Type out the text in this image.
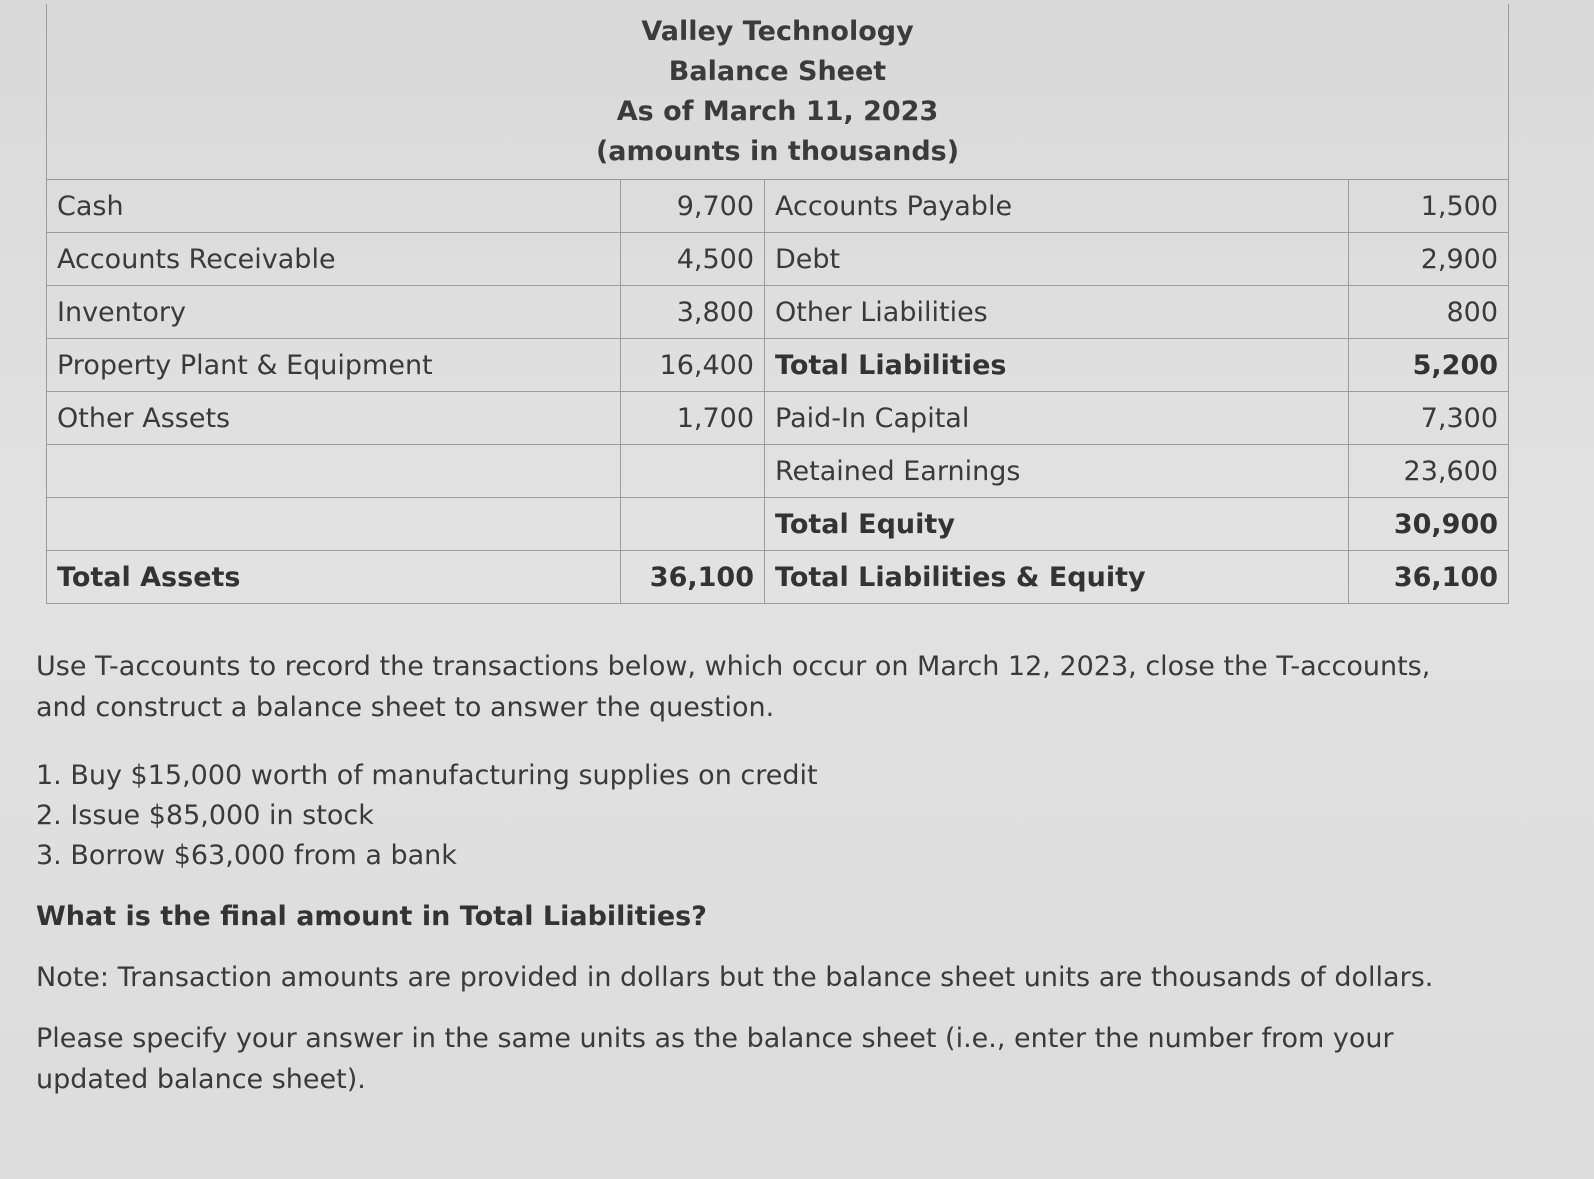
Valley Technology
Balance Sheet
As of March 11, 2023
(amounts in thousands)			

Cash	9,700	Accounts Payable	1,500
Accounts Receivable	4,500	Debt	2,900
Inventory	3,800	Other Liabilities	800
Property Plant & Equipment	16,400	Total Liabilities	5,200
Other Assets	1,700	Paid-In Capital	7,300
		Retained Earnings	23,600
		Total Equity	30,900
Total Assets	36,100	Total Liabilities & Equity	36,100

Use T-accounts to record the transactions below, which occur on March 12, 2023, close the T-accounts, and construct a balance sheet to answer the question.

1. Buy $15,000 worth of manufacturing supplies on credit
2. Issue $85,000 in stock
3. Borrow $63,000 from a bank

What is the final amount in Total Liabilities?

Note: Transaction amounts are provided in dollars but the balance sheet units are thousands of dollars.

Please specify your answer in the same units as the balance sheet (i.e., enter the number from your updated balance sheet).
